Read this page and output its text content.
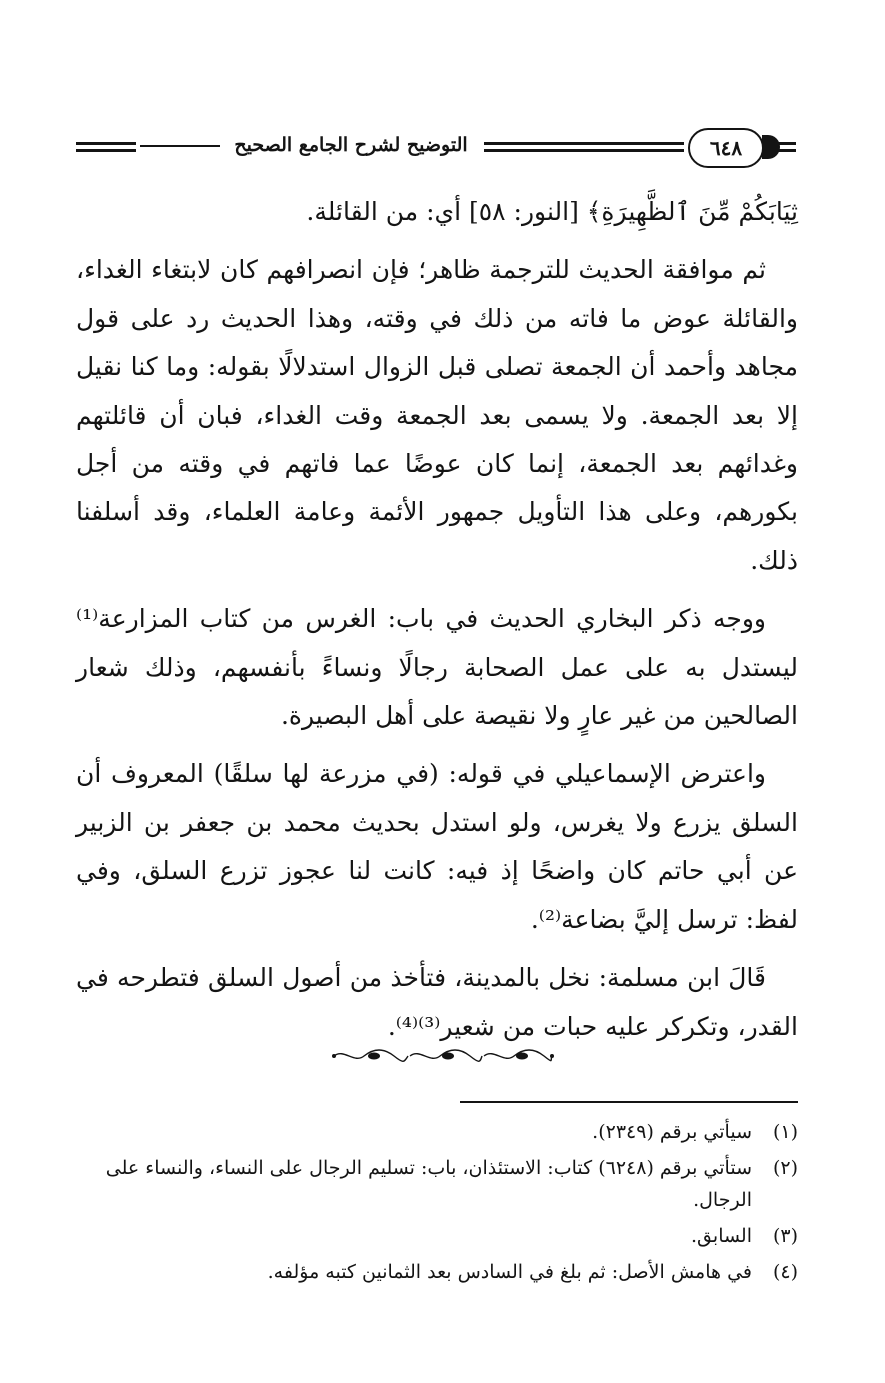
التوضيح لشرح الجامع الصحيح	٦٤٨

ثِيَابَكُمْ مِّنَ ٱلظَّهِيرَةِ﴾ [النور: ٥٨] أي: من القائلة.

ثم موافقة الحديث للترجمة ظاهر؛ فإن انصرافهم كان لابتغاء الغداء، والقائلة عوض ما فاته من ذلك في وقته، وهذا الحديث رد على قول مجاهد وأحمد أن الجمعة تصلى قبل الزوال استدلالًا بقوله: وما كنا نقيل إلا بعد الجمعة. ولا يسمى بعد الجمعة وقت الغداء، فبان أن قائلتهم وغدائهم بعد الجمعة، إنما كان عوضًا عما فاتهم في وقته من أجل بكورهم، وعلى هذا التأويل جمهور الأئمة وعامة العلماء، وقد أسلفنا ذلك.

ووجه ذكر البخاري الحديث في باب: الغرس من كتاب المزارعة⁽¹⁾ ليستدل به على عمل الصحابة رجالًا ونساءً بأنفسهم، وذلك شعار الصالحين من غير عارٍ ولا نقيصة على أهل البصيرة.

واعترض الإسماعيلي في قوله: (في مزرعة لها سلقًا) المعروف أن السلق يزرع ولا يغرس، ولو استدل بحديث محمد بن جعفر بن الزبير عن أبي حاتم كان واضحًا إذ فيه: كانت لنا عجوز تزرع السلق، وفي لفظ: ترسل إليَّ بضاعة⁽²⁾.

قَالَ ابن مسلمة: نخل بالمدينة، فتأخذ من أصول السلق فتطرحه في القدر، وتكركر عليه حبات من شعير⁽³⁾⁽⁴⁾.

(١)
سيأتي برقم (٢٣٤٩).
(٢)
ستأتي برقم (٦٢٤٨) كتاب: الاستئذان، باب: تسليم الرجال على النساء، والنساء على الرجال.
(٣)
السابق.
(٤)
في هامش الأصل: ثم بلغ في السادس بعد الثمانين كتبه مؤلفه.
